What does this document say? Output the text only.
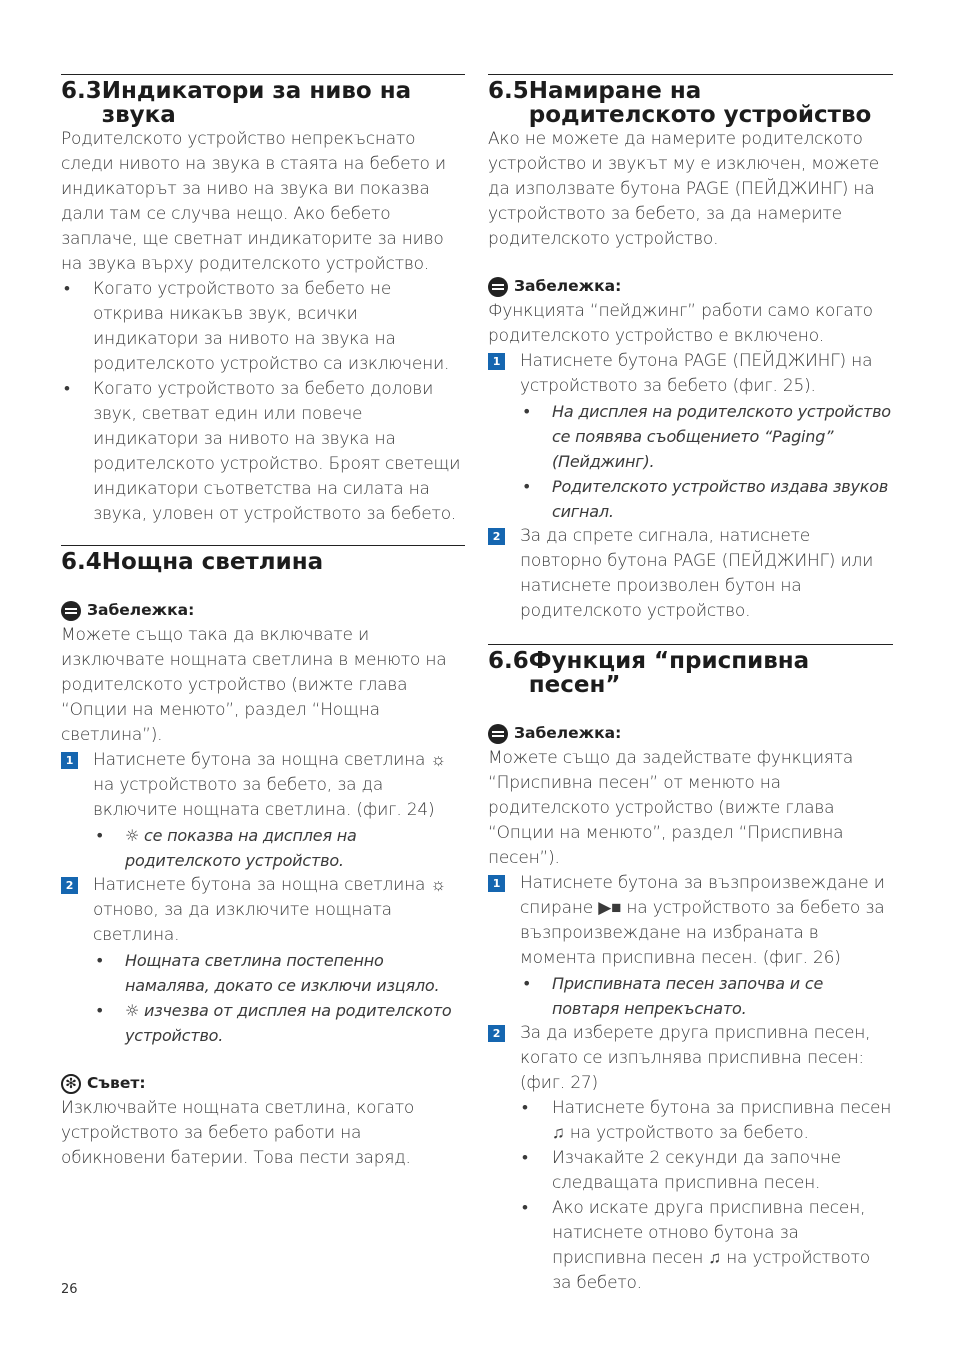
6.3 Индикатори за ниво на звука

Родителското устройство непрекъснато следи нивото на звука в стаята на бебето и индикаторът за ниво на звука ви показва дали там се случва нещо. Ако бебето заплаче, ще светнат индикаторите за ниво на звука върху родителското устройство.

• Когато устройството за бебето не открива никакъв звук, всички индикатори за нивото на звука на родителското устройство са изключени.
• Когато устройството за бебето долови звук, светват един или повече индикатори за нивото на звука на родителското устройство. Броят светещи индикатори съответства на силата на звука, уловен от устройството за бебето.
6.4 Нощна светлина
Забележка:

Можете също така да включвате и изключвате нощната светлина в менюто на родителското устройство (вижте глава “Опции на менюто”, раздел “Нощна светлина”).

1 Натиснете бутона за нощна светлина ☼ на устройството за бебето, за да включите нощната светлина. (фиг. 24)
• ☼ се показва на дисплея на родителското устройство.
2 Натиснете бутона за нощна светлина ☼ отново, за да изключите нощната светлина.
• Нощната светлина постепенно намалява, докато се изключи изцяло.
• ☼ изчезва от дисплея на родителското устройство.
✻ Съвет:

Изключвайте нощната светлина, когато устройството за бебето работи на обикновени батерии. Това пести заряд.

6.5 Намиране на родителското устройство

Ако не можете да намерите родителското устройство и звукът му е изключен, можете да използвате бутона PAGE (ПЕЙДЖИНГ) на устройството за бебето, за да намерите родителското устройство.

Забележка:

Функцията “пейджинг” работи само когато родителското устройство е включено.

1 Натиснете бутона PAGE (ПЕЙДЖИНГ) на устройството за бебето (фиг. 25).
• На дисплея на родителското устройство се появява съобщението “Paging” (Пейджинг).
• Родителското устройство издава звуков сигнал.
2 За да спрете сигнала, натиснете повторно бутона PAGE (ПЕЙДЖИНГ) или натиснете произволен бутон на родителското устройство.
6.6 Функция “приспивна песен”
Забележка:

Можете също да задействате функцията “Приспивна песен” от менюто на родителското устройство (вижте глава “Опции на менюто”, раздел “Приспивна песен”).

1 Натиснете бутона за възпроизвеждане и спиране ▶■ на устройството за бебето за възпроизвеждане на избраната в момента приспивна песен. (фиг. 26)
• Приспивната песен започва и се повтаря непрекъснато.
2 За да изберете друга приспивна песен, когато се изпълнява приспивна песен: (фиг. 27)
• Натиснете бутона за приспивна песен ♫ на устройството за бебето.
• Изчакайте 2 секунди да започне следващата приспивна песен.
• Ако искате друга приспивна песен, натиснете отново бутона за приспивна песен ♫ на устройството за бебето.
26
